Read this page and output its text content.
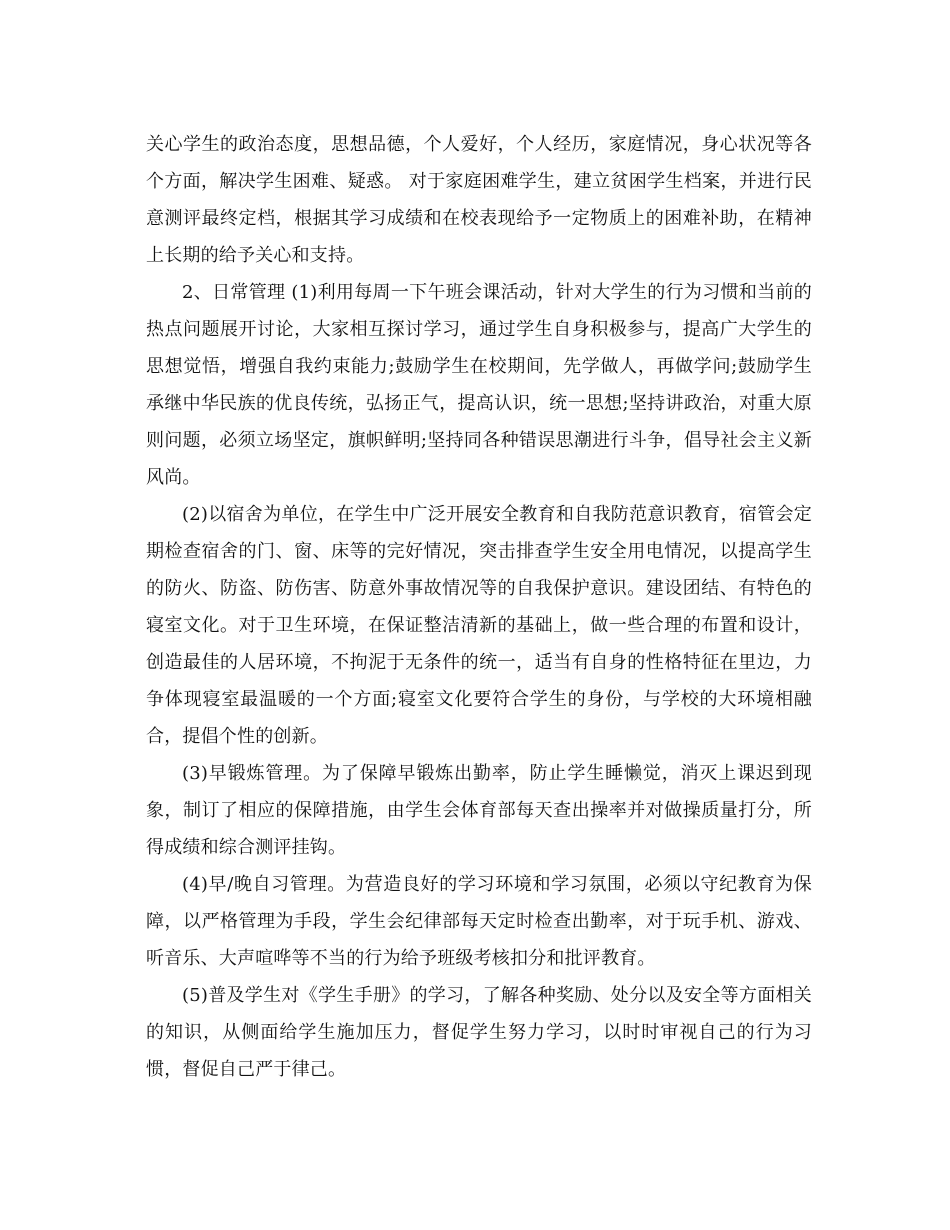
关心学生的政治态度，思想品德，个人爱好，个人经历，家庭情况，身心状况等各个方面，解决学生困难、疑惑。 对于家庭困难学生，建立贫困学生档案，并进行民意测评最终定档，根据其学习成绩和在校表现给予一定物质上的困难补助，在精神上长期的给予关心和支持。

2、日常管理 (1)利用每周一下午班会课活动，针对大学生的行为习惯和当前的热点问题展开讨论，大家相互探讨学习，通过学生自身积极参与，提高广大学生的思想觉悟，增强自我约束能力;鼓励学生在校期间，先学做人，再做学问;鼓励学生承继中华民族的优良传统，弘扬正气，提高认识，统一思想;坚持讲政治，对重大原则问题，必须立场坚定，旗帜鲜明;坚持同各种错误思潮进行斗争，倡导社会主义新风尚。

(2)以宿舍为单位，在学生中广泛开展安全教育和自我防范意识教育，宿管会定期检查宿舍的门、窗、床等的完好情况，突击排查学生安全用电情况，以提高学生的防火、防盗、防伤害、防意外事故情况等的自我保护意识。建设团结、有特色的寝室文化。对于卫生环境，在保证整洁清新的基础上，做一些合理的布置和设计，创造最佳的人居环境，不拘泥于无条件的统一，适当有自身的性格特征在里边，力争体现寝室最温暖的一个方面;寝室文化要符合学生的身份，与学校的大环境相融合，提倡个性的创新。

(3)早锻炼管理。为了保障早锻炼出勤率，防止学生睡懒觉，消灭上课迟到现象，制订了相应的保障措施，由学生会体育部每天查出操率并对做操质量打分，所得成绩和综合测评挂钩。

(4)早/晚自习管理。为营造良好的学习环境和学习氛围，必须以守纪教育为保障，以严格管理为手段，学生会纪律部每天定时检查出勤率，对于玩手机、游戏、听音乐、大声喧哗等不当的行为给予班级考核扣分和批评教育。

(5)普及学生对《学生手册》的学习，了解各种奖励、处分以及安全等方面相关的知识，从侧面给学生施加压力，督促学生努力学习，以时时审视自己的行为习惯，督促自己严于律己。
